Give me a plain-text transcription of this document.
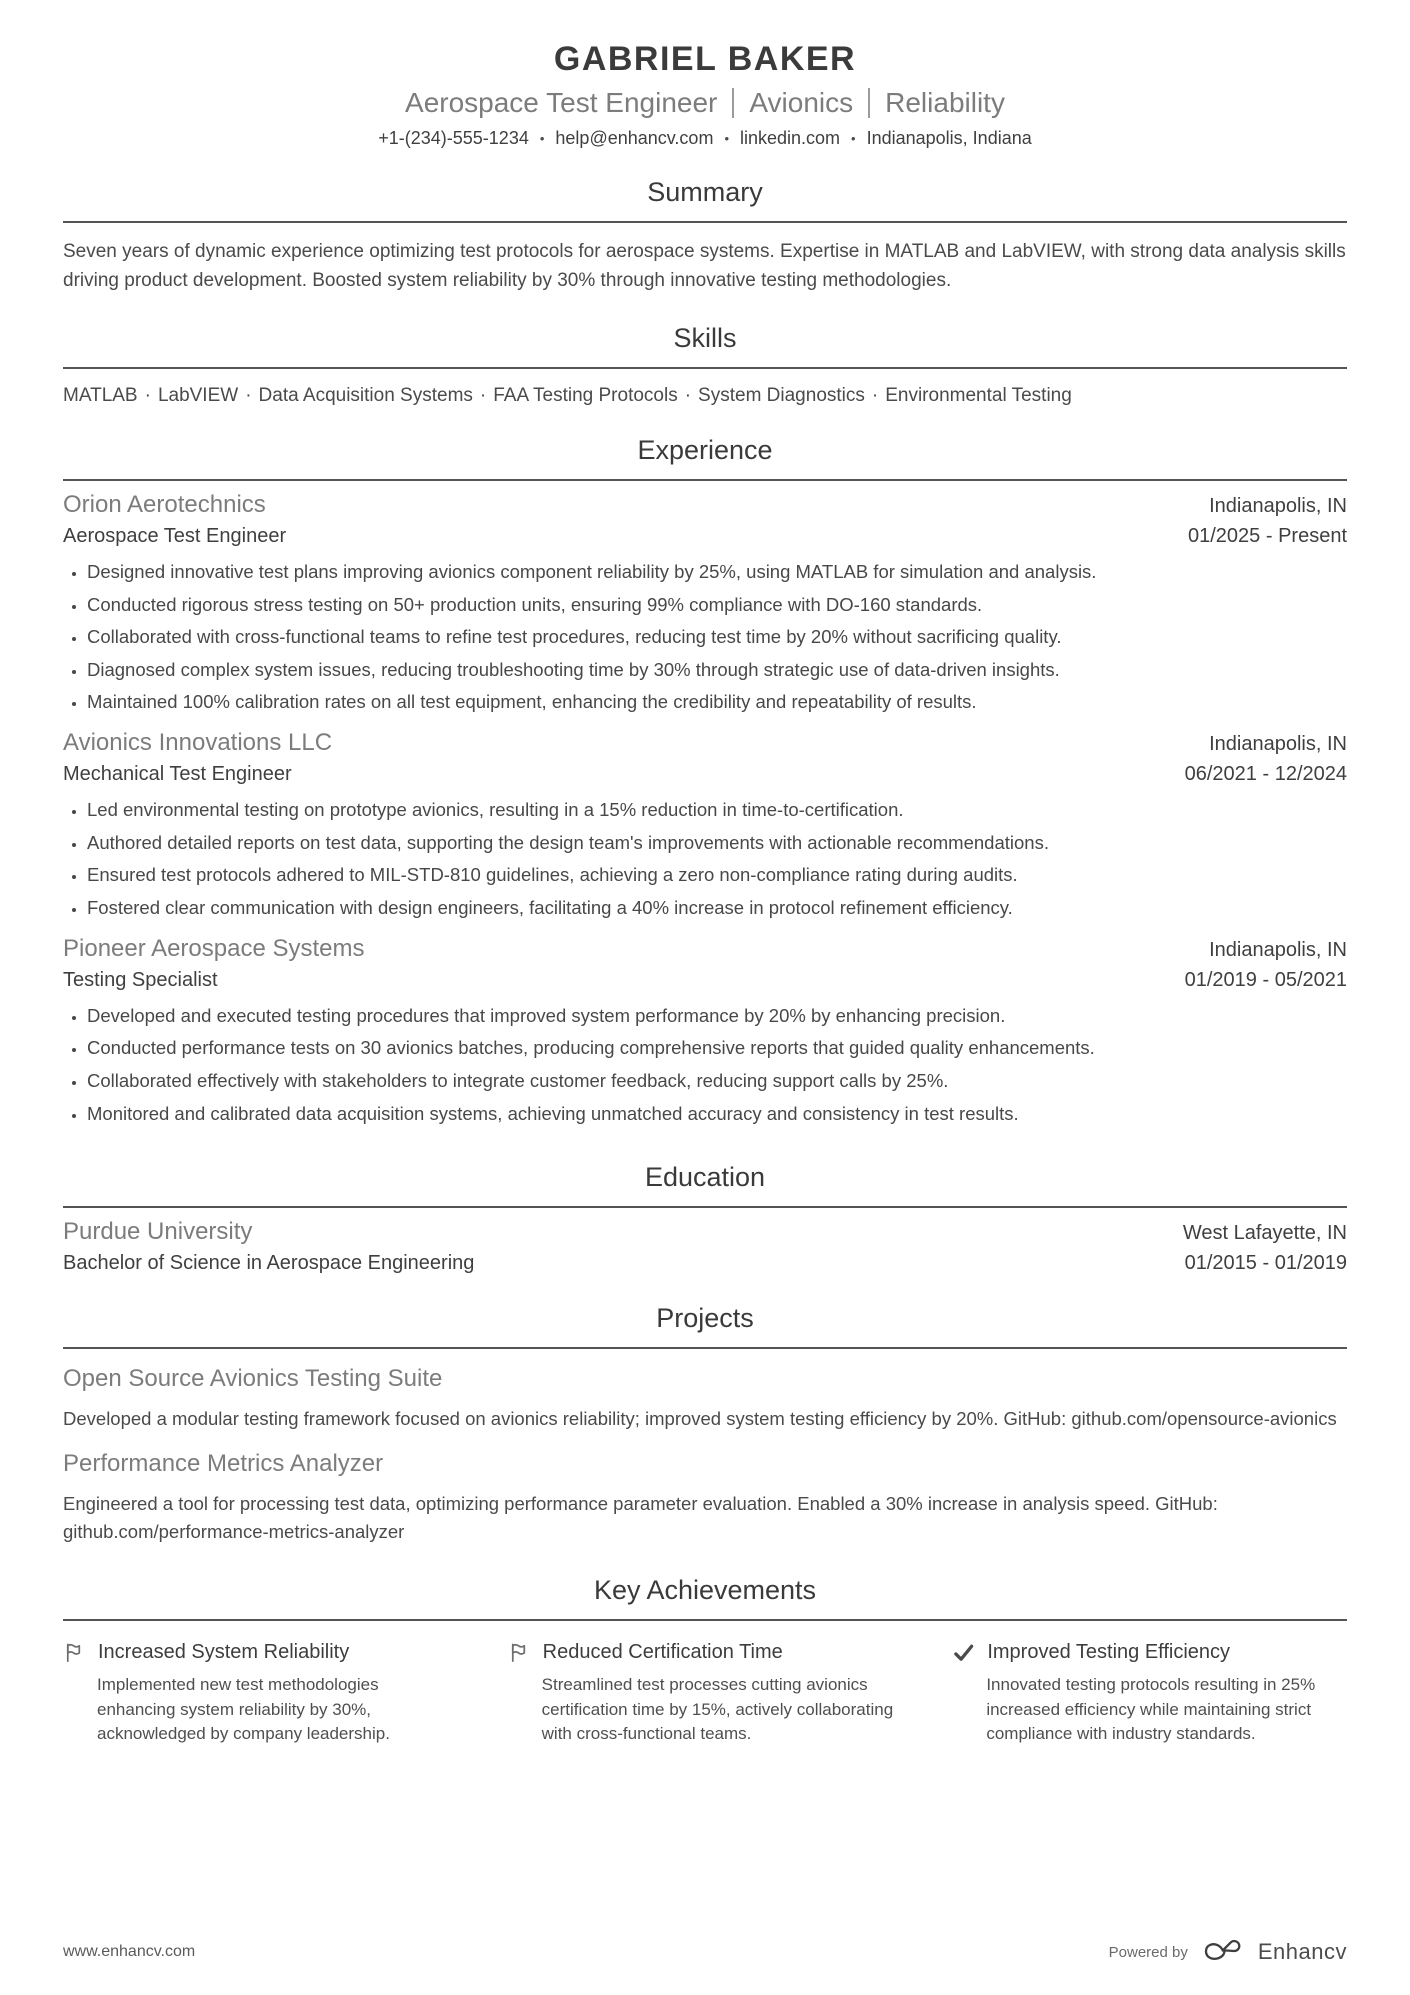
GABRIEL BAKER
Aerospace Test Engineer Avionics Reliability
+1-(234)-555-1234 • help@enhancv.com • linkedin.com • Indianapolis, Indiana
Summary

Seven years of dynamic experience optimizing test protocols for aerospace systems. Expertise in MATLAB and LabVIEW, with strong data analysis skills driving product development. Boosted system reliability by 30% through innovative testing methodologies.

Skills
MATLAB · LabVIEW · Data Acquisition Systems · FAA Testing Protocols · System Diagnostics · Environmental Testing
Experience
Orion Aerotechnics	Indianapolis, IN
Aerospace Test Engineer	01/2025 - Present
• Designed innovative test plans improving avionics component reliability by 25%, using MATLAB for simulation and analysis.
• Conducted rigorous stress testing on 50+ production units, ensuring 99% compliance with DO-160 standards.
• Collaborated with cross-functional teams to refine test procedures, reducing test time by 20% without sacrificing quality.
• Diagnosed complex system issues, reducing troubleshooting time by 30% through strategic use of data-driven insights.
• Maintained 100% calibration rates on all test equipment, enhancing the credibility and repeatability of results.
Avionics Innovations LLC	Indianapolis, IN
Mechanical Test Engineer	06/2021 - 12/2024
• Led environmental testing on prototype avionics, resulting in a 15% reduction in time-to-certification.
• Authored detailed reports on test data, supporting the design team's improvements with actionable recommendations.
• Ensured test protocols adhered to MIL-STD-810 guidelines, achieving a zero non-compliance rating during audits.
• Fostered clear communication with design engineers, facilitating a 40% increase in protocol refinement efficiency.
Pioneer Aerospace Systems	Indianapolis, IN
Testing Specialist	01/2019 - 05/2021
• Developed and executed testing procedures that improved system performance by 20% by enhancing precision.
• Conducted performance tests on 30 avionics batches, producing comprehensive reports that guided quality enhancements.
• Collaborated effectively with stakeholders to integrate customer feedback, reducing support calls by 25%.
• Monitored and calibrated data acquisition systems, achieving unmatched accuracy and consistency in test results.
Education
Purdue University	West Lafayette, IN
Bachelor of Science in Aerospace Engineering	01/2015 - 01/2019
Projects
Open Source Avionics Testing Suite

Developed a modular testing framework focused on avionics reliability; improved system testing efficiency by 20%. GitHub: github.com/opensource-avionics

Performance Metrics Analyzer

Engineered a tool for processing test data, optimizing performance parameter evaluation. Enabled a 30% increase in analysis speed. GitHub: github.com/performance-metrics-analyzer

Key Achievements
Increased System Reliability

Implemented new test methodologies enhancing system reliability by 30%, acknowledged by company leadership.

Reduced Certification Time

Streamlined test processes cutting avionics certification time by 15%, actively collaborating with cross-functional teams.

Improved Testing Efficiency

Innovated testing protocols resulting in 25% increased efficiency while maintaining strict compliance with industry standards.

www.enhancv.com	Powered by	Enhancv
